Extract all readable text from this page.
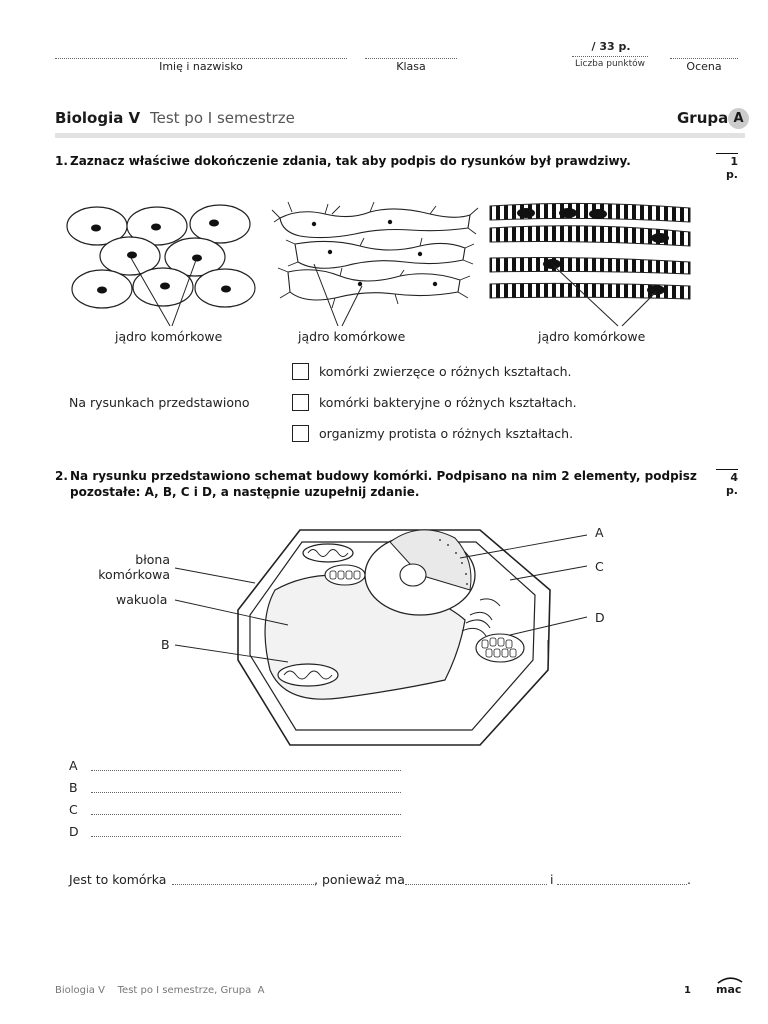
Imię i nazwisko	Klasa
/ 33 p.
Liczba punktów	Ocena
Biologia V Test po I semestrze	Grupa A
1. Zaznacz właściwe dokończenie zdania, tak aby podpis do rysunków był prawdziwy.	1 p.
jądro komórkowe	jądro komórkowe	jądro komórkowe
Na rysunkach przedstawiono
komórki zwierzęce o różnych kształtach.
komórki bakteryjne o różnych kształtach.
organizmy protista o różnych kształtach.
2. Na rysunku przedstawiono schemat budowy komórki. Podpisano na nim 2 elementy, podpisz
pozostałe: A, B, C i D, a następnie uzupełnij zdanie.
4 p.
błona
komórkowa
wakuola
B
A
C
D
A
B
C
D
Jest to komórka	, ponieważ ma	i	.
Biologia V    Test po I semestrze, Grupa  A	1 mac
